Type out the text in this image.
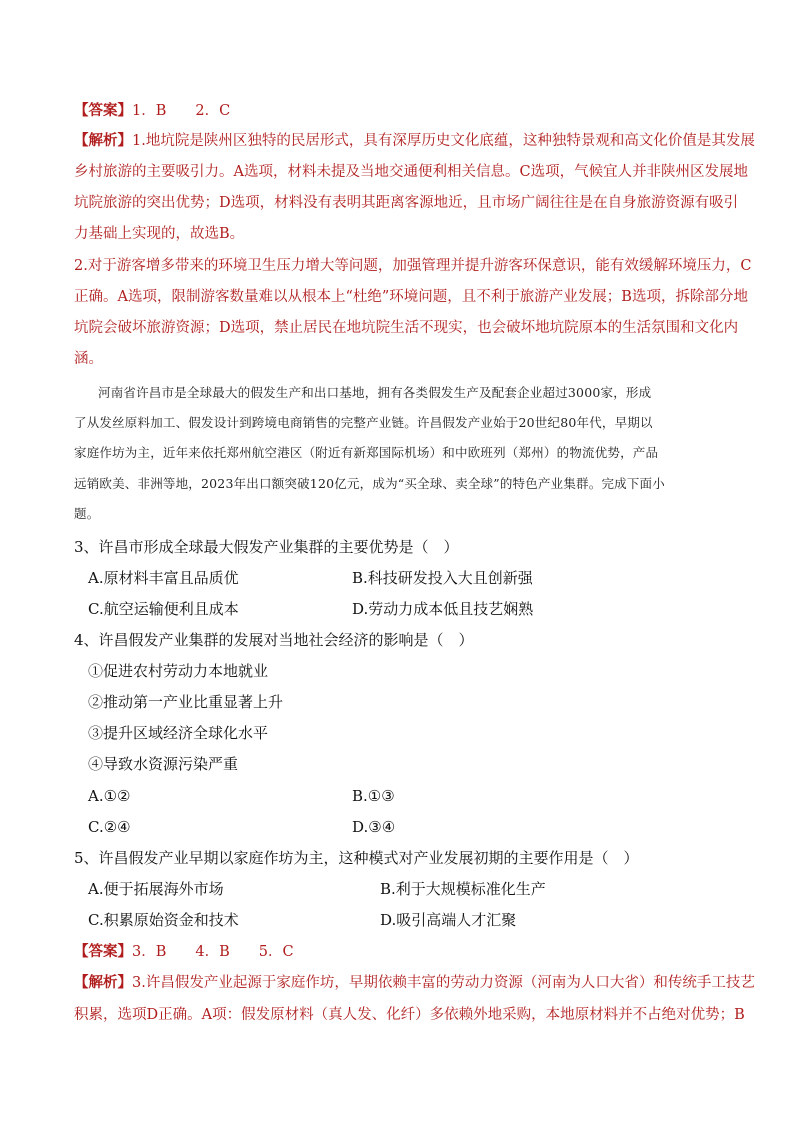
【答案】1．B　　2．C
【解析】1.地坑院是陕州区独特的民居形式，具有深厚历史文化底蕴，这种独特景观和高文化价值是其发展
乡村旅游的主要吸引力。A选项，材料未提及当地交通便利相关信息。C选项，气候宜人并非陕州区发展地
坑院旅游的突出优势；D选项，材料没有表明其距离客源地近，且市场广阔往往是在自身旅游资源有吸引
力基础上实现的，故选B。
2.对于游客增多带来的环境卫生压力增大等问题，加强管理并提升游客环保意识，能有效缓解环境压力，C
正确。A选项，限制游客数量难以从根本上“杜绝”环境问题，且不利于旅游产业发展；B选项，拆除部分地
坑院会破坏旅游资源；D选项，禁止居民在地坑院生活不现实，也会破坏地坑院原本的生活氛围和文化内
涵。
河南省许昌市是全球最大的假发生产和出口基地，拥有各类假发生产及配套企业超过3000家，形成
了从发丝原料加工、假发设计到跨境电商销售的完整产业链。许昌假发产业始于20世纪80年代，早期以
家庭作坊为主，近年来依托郑州航空港区（附近有新郑国际机场）和中欧班列（郑州）的物流优势，产品
远销欧美、非洲等地，2023年出口额突破120亿元，成为“买全球、卖全球”的特色产业集群。完成下面小
题。
3、许昌市形成全球最大假发产业集群的主要优势是（　）
A.原材料丰富且品质优	B.科技研发投入大且创新强
C.航空运输便利且成本	D.劳动力成本低且技艺娴熟
4、许昌假发产业集群的发展对当地社会经济的影响是（　）
①促进农村劳动力本地就业
②推动第一产业比重显著上升
③提升区域经济全球化水平
④导致水资源污染严重
A.①②	B.①③
C.②④	D.③④
5、许昌假发产业早期以家庭作坊为主，这种模式对产业发展初期的主要作用是（　）
A.便于拓展海外市场	B.利于大规模标准化生产
C.积累原始资金和技术	D.吸引高端人才汇聚
【答案】3．B　　4．B　　5．C
【解析】3.许昌假发产业起源于家庭作坊，早期依赖丰富的劳动力资源（河南为人口大省）和传统手工技艺
积累，选项D正确。A项：假发原材料（真人发、化纤）多依赖外地采购，本地原材料并不占绝对优势；B
